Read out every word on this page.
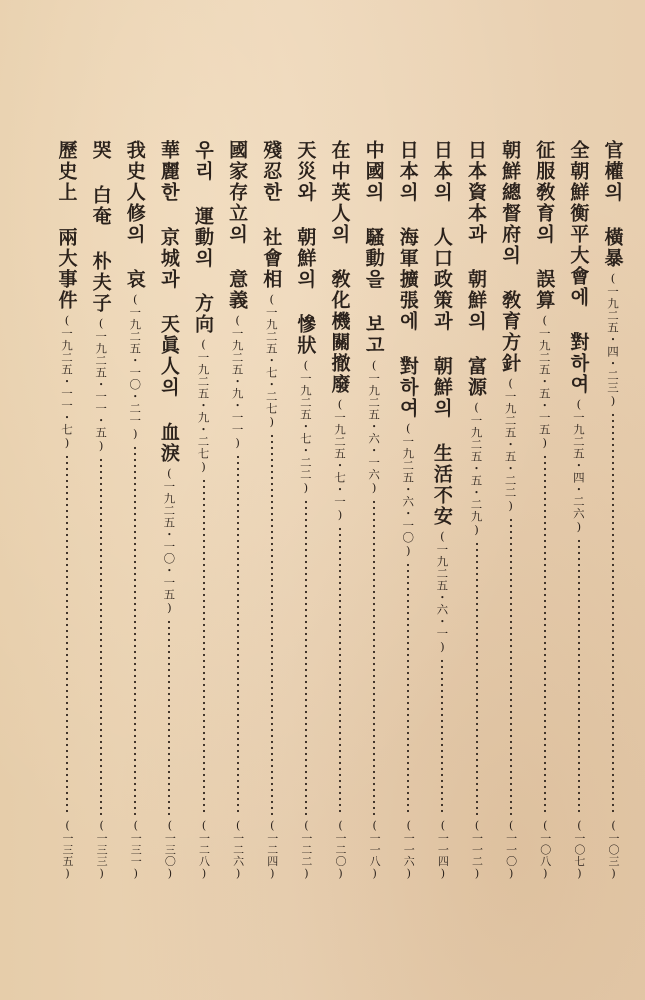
官權의 橫暴
(一九二五・四・二三)
(一〇三)
全朝鮮衡平大會에 對하여
(一九二五・四・二六)
(一〇七)
征服敎育의 誤算
(一九二五・五・一五)
(一〇八)
朝鮮總督府의 敎育方針
(一九二五・五・二二)
(一一〇)
日本資本과 朝鮮의 富源
(一九二五・五・二九)
(一一二)
日本의 人口政策과 朝鮮의 生活不安
(一九二五・六・一)
(一一四)
日本의 海軍擴張에 對하여
(一九二五・六・一〇)
(一一六)
中國의 騷動을 보고
(一九二五・六・一六)
(一一八)
在中英人의 敎化機關撤廢
(一九二五・七・一)
(一二〇)
天災와 朝鮮의 慘狀
(一九二五・七・二二)
(一二二)
殘忍한 社會相
(一九二五・七・二七)
(一二四)
國家存立의 意義
(一九二五・九・一一)
(一二六)
우리 運動의 方向
(一九二五・九・二七)
(一二八)
華麗한 京城과 天眞人의 血淚
(一九二五・一〇・一五)
(一三〇)
我史人修의 哀
(一九二五・一〇・二一)
(一三一)
哭 白奄 朴夫子
(一九二五・一一・五)
(一三三)
歷史上 兩大事件
(一九二五・一一・七)
(一三五)
